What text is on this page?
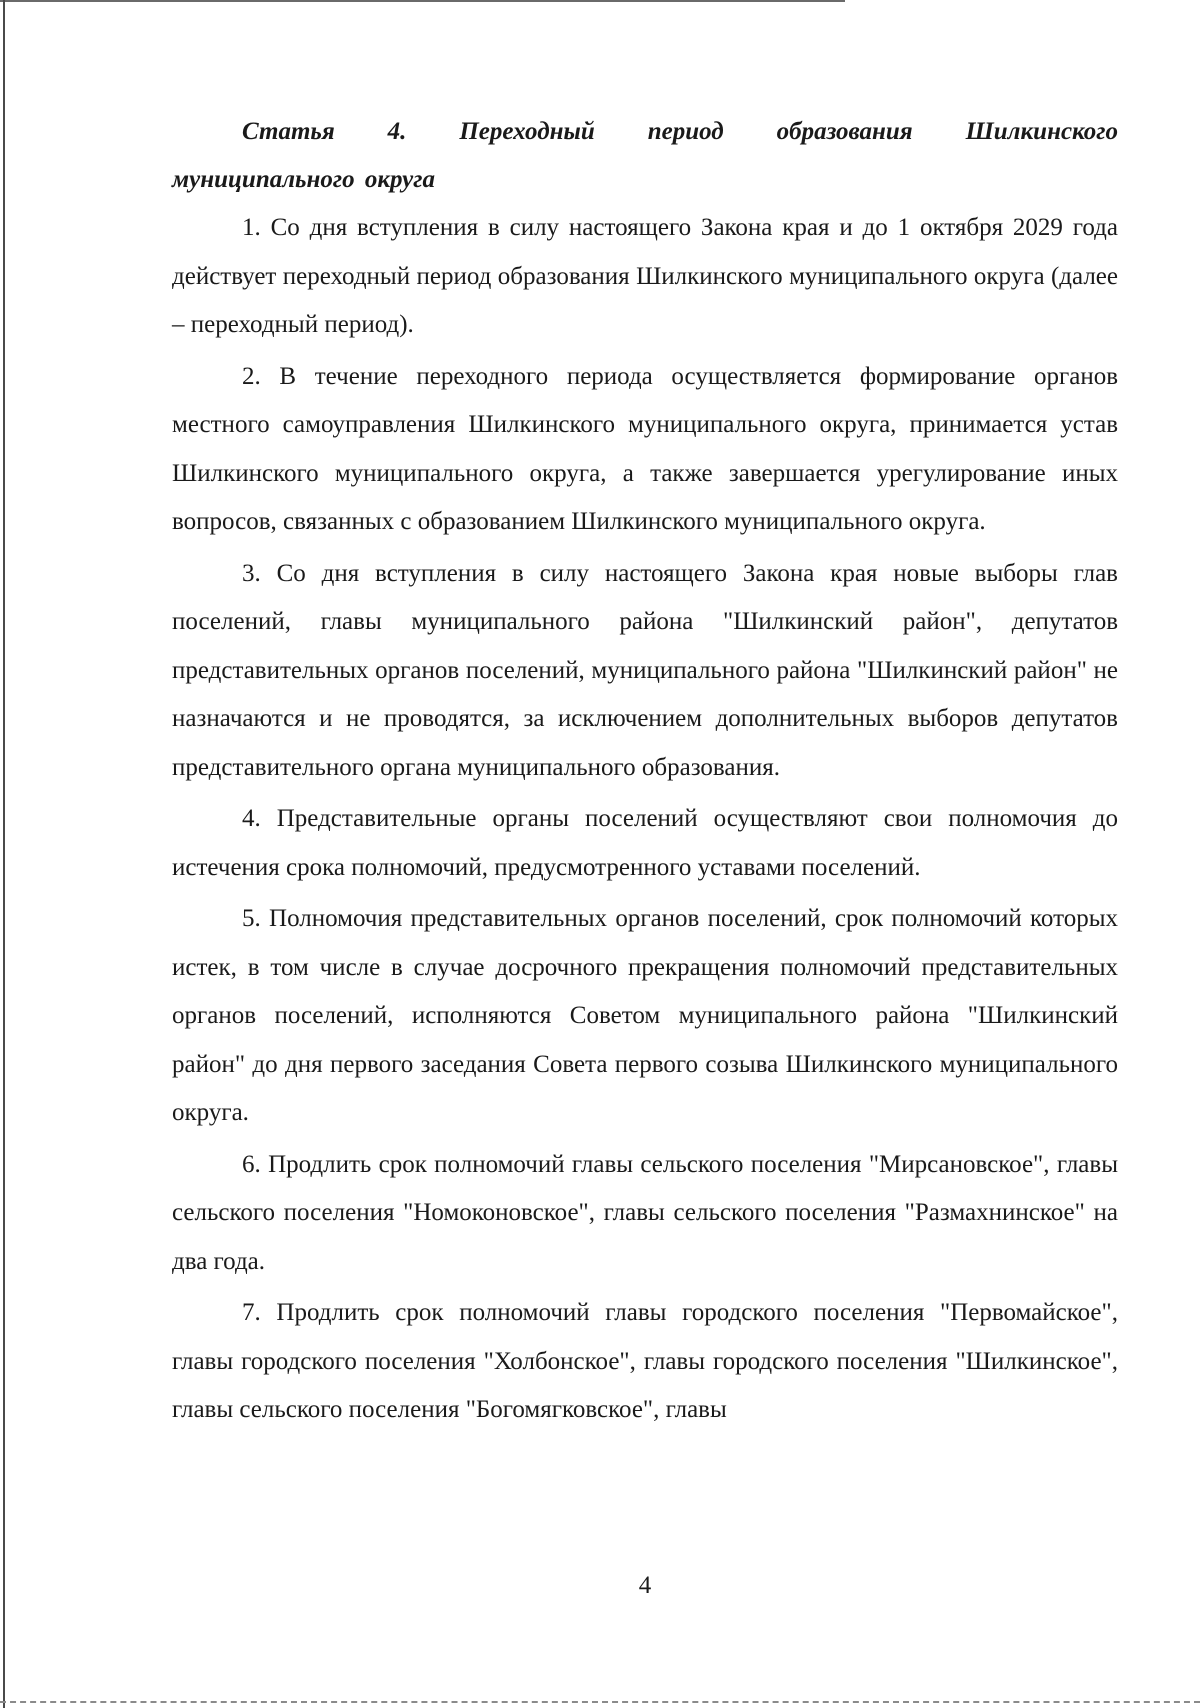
Статья 4. Переходный период образования Шилкинского
муниципального округа

1. Со дня вступления в силу настоящего Закона края и до 1 октября 2029 года действует переходный период образования Шилкинского муниципального округа (далее – переходный период).

2. В течение переходного периода осуществляется формирование органов местного самоуправления Шилкинского муниципального округа, принимается устав Шилкинского муниципального округа, а также завершается урегулирование иных вопросов, связанных с образованием Шилкинского муниципального округа.

3. Со дня вступления в силу настоящего Закона края новые выборы глав поселений, главы муниципального района "Шилкинский район", депутатов представительных органов поселений, муниципального района "Шилкинский район" не назначаются и не проводятся, за исключением дополнительных выборов депутатов представительного органа муниципального образования.

4. Представительные органы поселений осуществляют свои полномочия до истечения срока полномочий, предусмотренного уставами поселений.

5. Полномочия представительных органов поселений, срок полномочий которых истек, в том числе в случае досрочного прекращения полномочий представительных органов поселений, исполняются Советом муниципального района "Шилкинский район" до дня первого заседания Совета первого созыва Шилкинского муниципального округа.

6. Продлить срок полномочий главы сельского поселения "Мирсановское", главы сельского поселения "Номоконовское", главы сельского поселения "Размахнинское" на два года.

7. Продлить срок полномочий главы городского поселения "Первомайское", главы городского поселения "Холбонское", главы городского поселения "Шилкинское", главы сельского поселения "Богомягковское", главы

4
